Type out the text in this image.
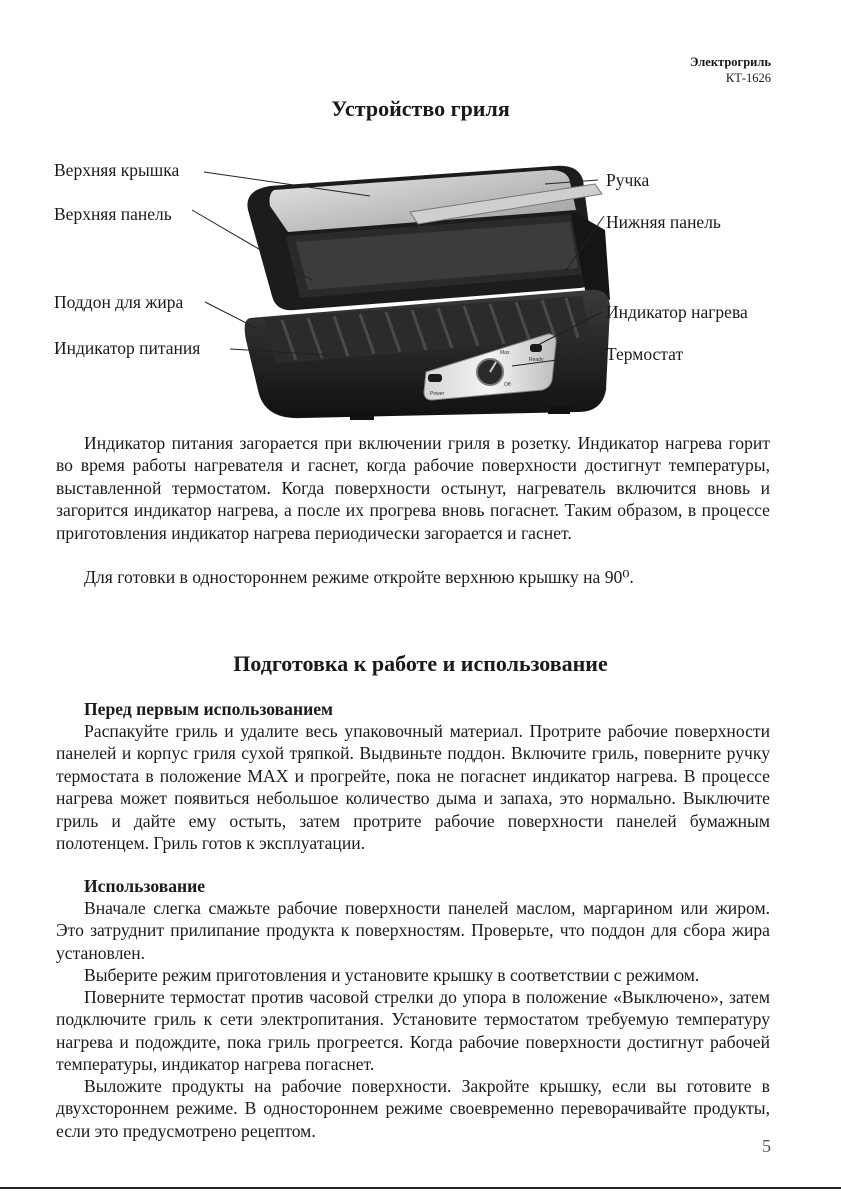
Электрогриль
КТ-1626
Устройство гриля
Power
Off
Max
Ready
Верхняя крышка
Верхняя панель
Поддон для жира
Индикатор питания
Ручка
Нижняя панель
Индикатор нагрева
Термостат

Индикатор питания загорается при включении гриля в розетку. Индикатор нагрева горит во время работы нагревателя и гаснет, когда рабочие поверхности достигнут температуры, выставленной термостатом. Когда поверхности остынут, нагреватель включится вновь и загорится индикатор нагрева, а после их прогрева вновь погаснет. Таким образом, в процессе приготовления индикатор нагрева периодически загорается и гаснет.

Для готовки в одностороннем режиме откройте верхнюю крышку на 90⁰.

Подготовка к работе и использование

Перед первым использованием

Распакуйте гриль и удалите весь упаковочный материал. Протрите рабочие поверхности панелей и корпус гриля сухой тряпкой. Выдвиньте поддон. Включите гриль, поверните ручку термостата в положение MAX и прогрейте, пока не погаснет индикатор нагрева. В процессе нагрева может появиться небольшое количество дыма и запаха, это нормально. Выключите гриль и дайте ему остыть, затем протрите рабочие поверхности панелей бумажным полотенцем. Гриль готов к эксплуатации.

Использование

Вначале слегка смажьте рабочие поверхности панелей маслом, маргарином или жиром. Это затруднит прилипание продукта к поверхностям. Проверьте, что поддон для сбора жира установлен.

Выберите режим приготовления и установите крышку в соответствии с режимом.

Поверните термостат против часовой стрелки до упора в положение «Выключено», затем подключите гриль к сети электропитания. Установите термостатом требуемую температуру нагрева и подождите, пока гриль прогреется. Когда рабочие поверхности достигнут рабочей температуры, индикатор нагрева погаснет.

Выложите продукты на рабочие поверхности. Закройте крышку, если вы готовите в двухстороннем режиме. В одностороннем режиме своевременно переворачивайте продукты, если это предусмотрено рецептом.

5
